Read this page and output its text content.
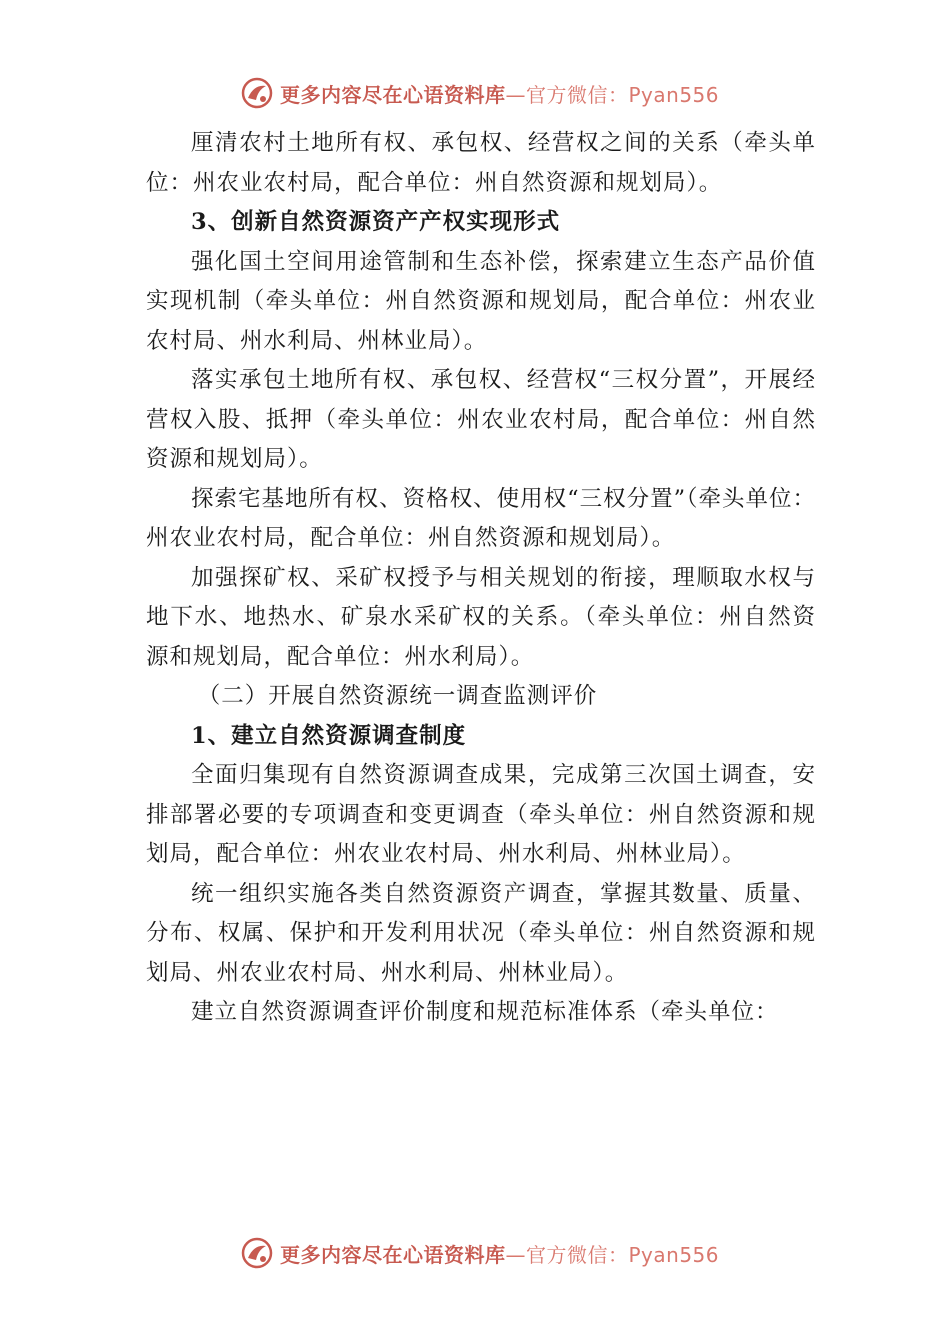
更多内容尽在心语资料库—官方微信：Pyan556

厘清农村土地所有权、承包权、经营权之间的关系（牵头单位：州农业农村局，配合单位：州自然资源和规划局）。

3、创新自然资源资产产权实现形式

强化国土空间用途管制和生态补偿，探索建立生态产品价值实现机制（牵头单位：州自然资源和规划局，配合单位：州农业农村局、州水利局、州林业局）。

落实承包土地所有权、承包权、经营权“三权分置”，开展经营权入股、抵押（牵头单位：州农业农村局，配合单位：州自然资源和规划局）。

探索宅基地所有权、资格权、使用权“三权分置”（牵头单位：州农业农村局，配合单位：州自然资源和规划局）。

加强探矿权、采矿权授予与相关规划的衔接，理顺取水权与地下水、地热水、矿泉水采矿权的关系。（牵头单位：州自然资源和规划局，配合单位：州水利局）。

（二）开展自然资源统一调查监测评价

1、建立自然资源调查制度

全面归集现有自然资源调查成果，完成第三次国土调查，安排部署必要的专项调查和变更调查（牵头单位：州自然资源和规划局，配合单位：州农业农村局、州水利局、州林业局）。

统一组织实施各类自然资源资产调查，掌握其数量、质量、分布、权属、保护和开发利用状况（牵头单位：州自然资源和规划局、州农业农村局、州水利局、州林业局）。

建立自然资源调查评价制度和规范标准体系（牵头单位：

更多内容尽在心语资料库—官方微信：Pyan556
